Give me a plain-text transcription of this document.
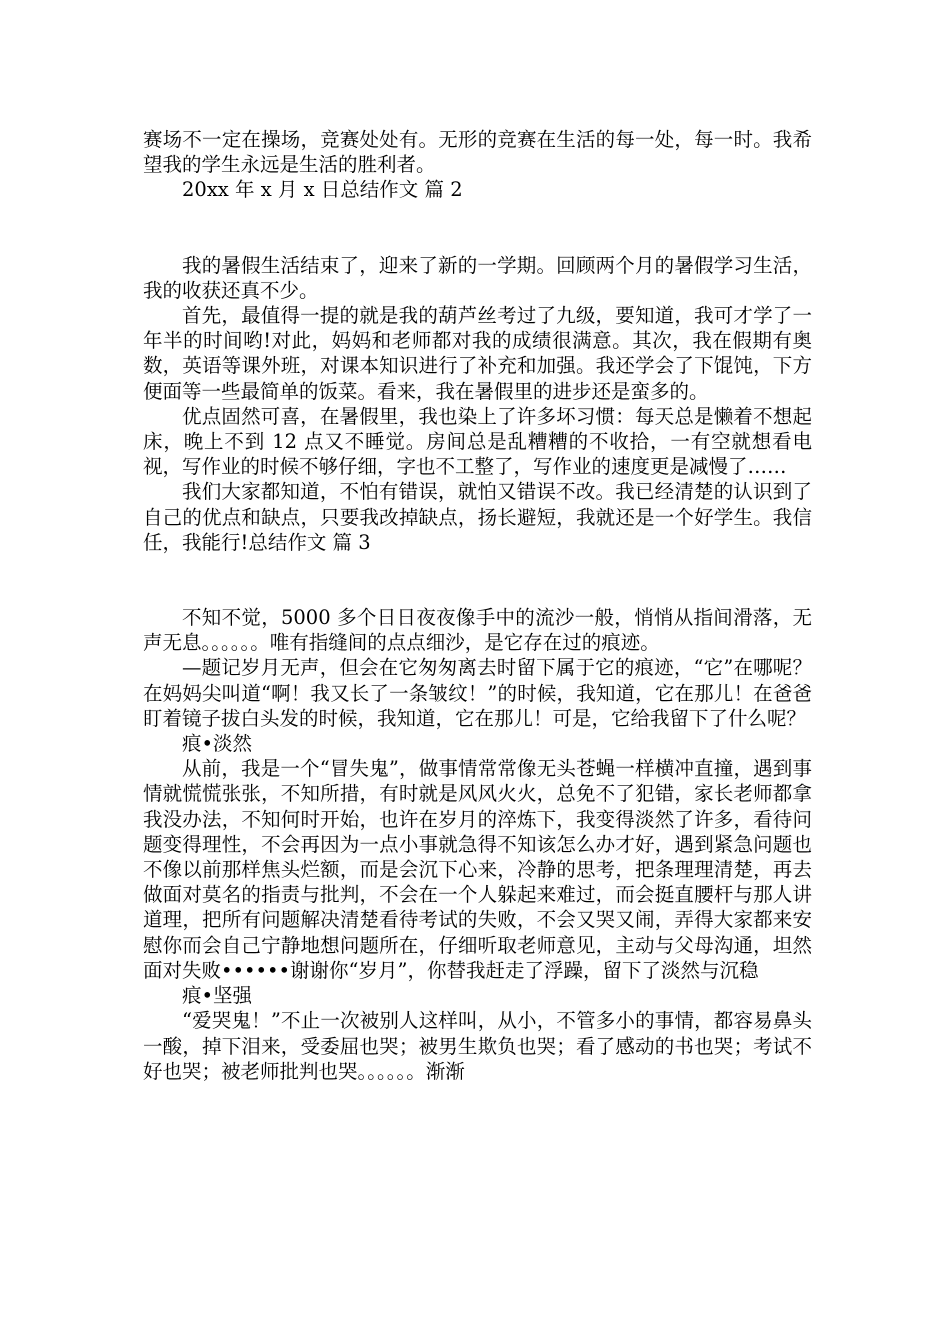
赛场不一定在操场，竞赛处处有。无形的竞赛在生活的每一处，每一时。我希望我的学生永远是生活的胜利者。

20xx 年 x 月 x 日总结作文 篇 2

我的暑假生活结束了，迎来了新的一学期。回顾两个月的暑假学习生活，我的收获还真不少。

首先，最值得一提的就是我的葫芦丝考过了九级，要知道，我可才学了一年半的时间哟!对此，妈妈和老师都对我的成绩很满意。其次，我在假期有奥数，英语等课外班，对课本知识进行了补充和加强。我还学会了下馄饨，下方便面等一些最简单的饭菜。看来，我在暑假里的进步还是蛮多的。

优点固然可喜，在暑假里，我也染上了许多坏习惯：每天总是懒着不想起床，晚上不到 12 点又不睡觉。房间总是乱糟糟的不收拾，一有空就想看电视，写作业的时候不够仔细，字也不工整了，写作业的速度更是减慢了……

我们大家都知道，不怕有错误，就怕又错误不改。我已经清楚的认识到了自己的优点和缺点，只要我改掉缺点，扬长避短，我就还是一个好学生。我信任，我能行!总结作文 篇 3

不知不觉，5000 多个日日夜夜像手中的流沙一般，悄悄从指间滑落，无声无息。。。。。。唯有指缝间的点点细沙，是它存在过的痕迹。

—题记岁月无声，但会在它匆匆离去时留下属于它的痕迹，“它”在哪呢？在妈妈尖叫道“啊！我又长了一条皱纹！”的时候，我知道，它在那儿！在爸爸盯着镜子拔白头发的时候，我知道，它在那儿！可是，它给我留下了什么呢？

痕•淡然

从前，我是一个“冒失鬼”，做事情常常像无头苍蝇一样横冲直撞，遇到事情就慌慌张张，不知所措，有时就是风风火火，总免不了犯错，家长老师都拿我没办法，不知何时开始，也许在岁月的淬炼下，我变得淡然了许多，看待问题变得理性，不会再因为一点小事就急得不知该怎么办才好，遇到紧急问题也不像以前那样焦头烂额，而是会沉下心来，冷静的思考，把条理理清楚，再去做面对莫名的指责与批判，不会在一个人躲起来难过，而会挺直腰杆与那人讲道理，把所有问题解决清楚看待考试的失败，不会又哭又闹，弄得大家都来安慰你而会自己宁静地想问题所在，仔细听取老师意见，主动与父母沟通，坦然面对失败••••••谢谢你“岁月”，你替我赶走了浮躁，留下了淡然与沉稳

痕•坚强

“爱哭鬼！”不止一次被别人这样叫，从小，不管多小的事情，都容易鼻头一酸，掉下泪来，受委屈也哭；被男生欺负也哭；看了感动的书也哭；考试不好也哭；被老师批判也哭。。。。。。渐渐
